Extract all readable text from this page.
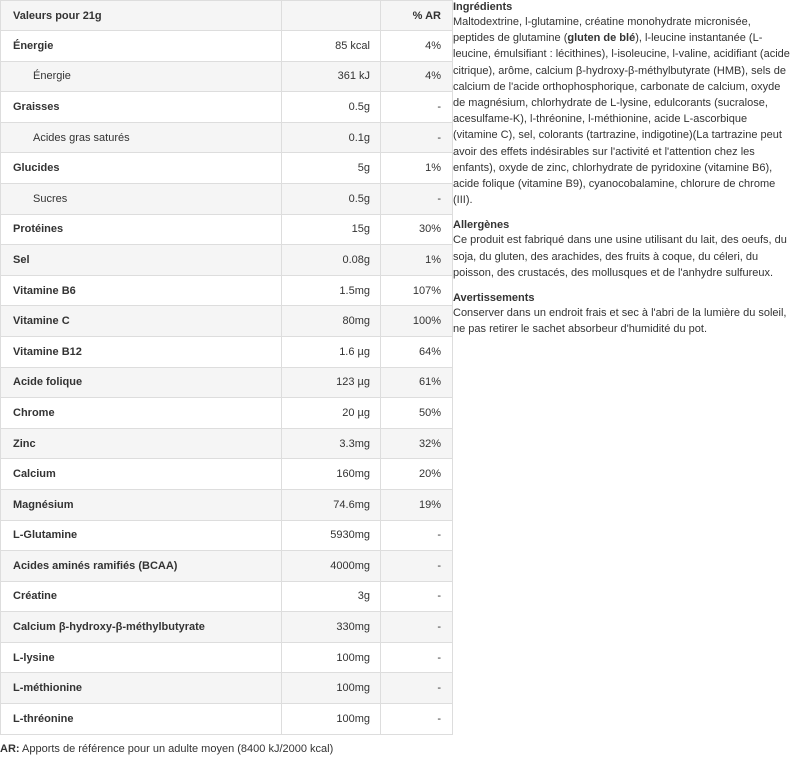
Valeurs pour 21g		% AR
Énergie	85 kcal	4%
Énergie	361 kJ	4%
Graisses	0.5g	-
Acides gras saturés	0.1g	-
Glucides	5g	1%
Sucres	0.5g	-
Protéines	15g	30%
Sel	0.08g	1%
Vitamine B6	1.5mg	107%
Vitamine C	80mg	100%
Vitamine B12	1.6 µg	64%
Acide folique	123 µg	61%
Chrome	20 µg	50%
Zinc	3.3mg	32%
Calcium	160mg	20%
Magnésium	74.6mg	19%
L-Glutamine	5930mg	-
Acides aminés ramifiés (BCAA)	4000mg	-
Créatine	3g	-
Calcium β-hydroxy-β-méthylbutyrate	330mg	-
L-lysine	100mg	-
L-méthionine	100mg	-
L-thréonine	100mg	-
AR: Apports de référence pour un adulte moyen (8400 kJ/2000 kcal)
Ingrédients

Maltodextrine, l-glutamine, créatine monohydrate micronisée, peptides de glutamine (gluten de blé), l-leucine instantanée (L-leucine, émulsifiant : lécithines), l-isoleucine, l-valine, acidifiant (acide citrique), arôme, calcium β-hydroxy-β-méthylbutyrate (HMB), sels de calcium de l'acide orthophosphorique, carbonate de calcium, oxyde de magnésium, chlorhydrate de L-lysine, edulcorants (sucralose, acesulfame-K), l-thréonine, l-méthionine, acide L-ascorbique (vitamine C), sel, colorants (tartrazine, indigotine)(La tartrazine peut avoir des effets indésirables sur l'activité et l'attention chez les enfants), oxyde de zinc, chlorhydrate de pyridoxine (vitamine B6), acide folique (vitamine B9), cyanocobalamine, chlorure de chrome (III).

Allergènes

Ce produit est fabriqué dans une usine utilisant du lait, des oeufs, du soja, du gluten, des arachides, des fruits à coque, du céleri, du poisson, des crustacés, des mollusques et de l'anhydre sulfureux.

Avertissements

Conserver dans un endroit frais et sec à l'abri de la lumière du soleil, ne pas retirer le sachet absorbeur d'humidité du pot.
